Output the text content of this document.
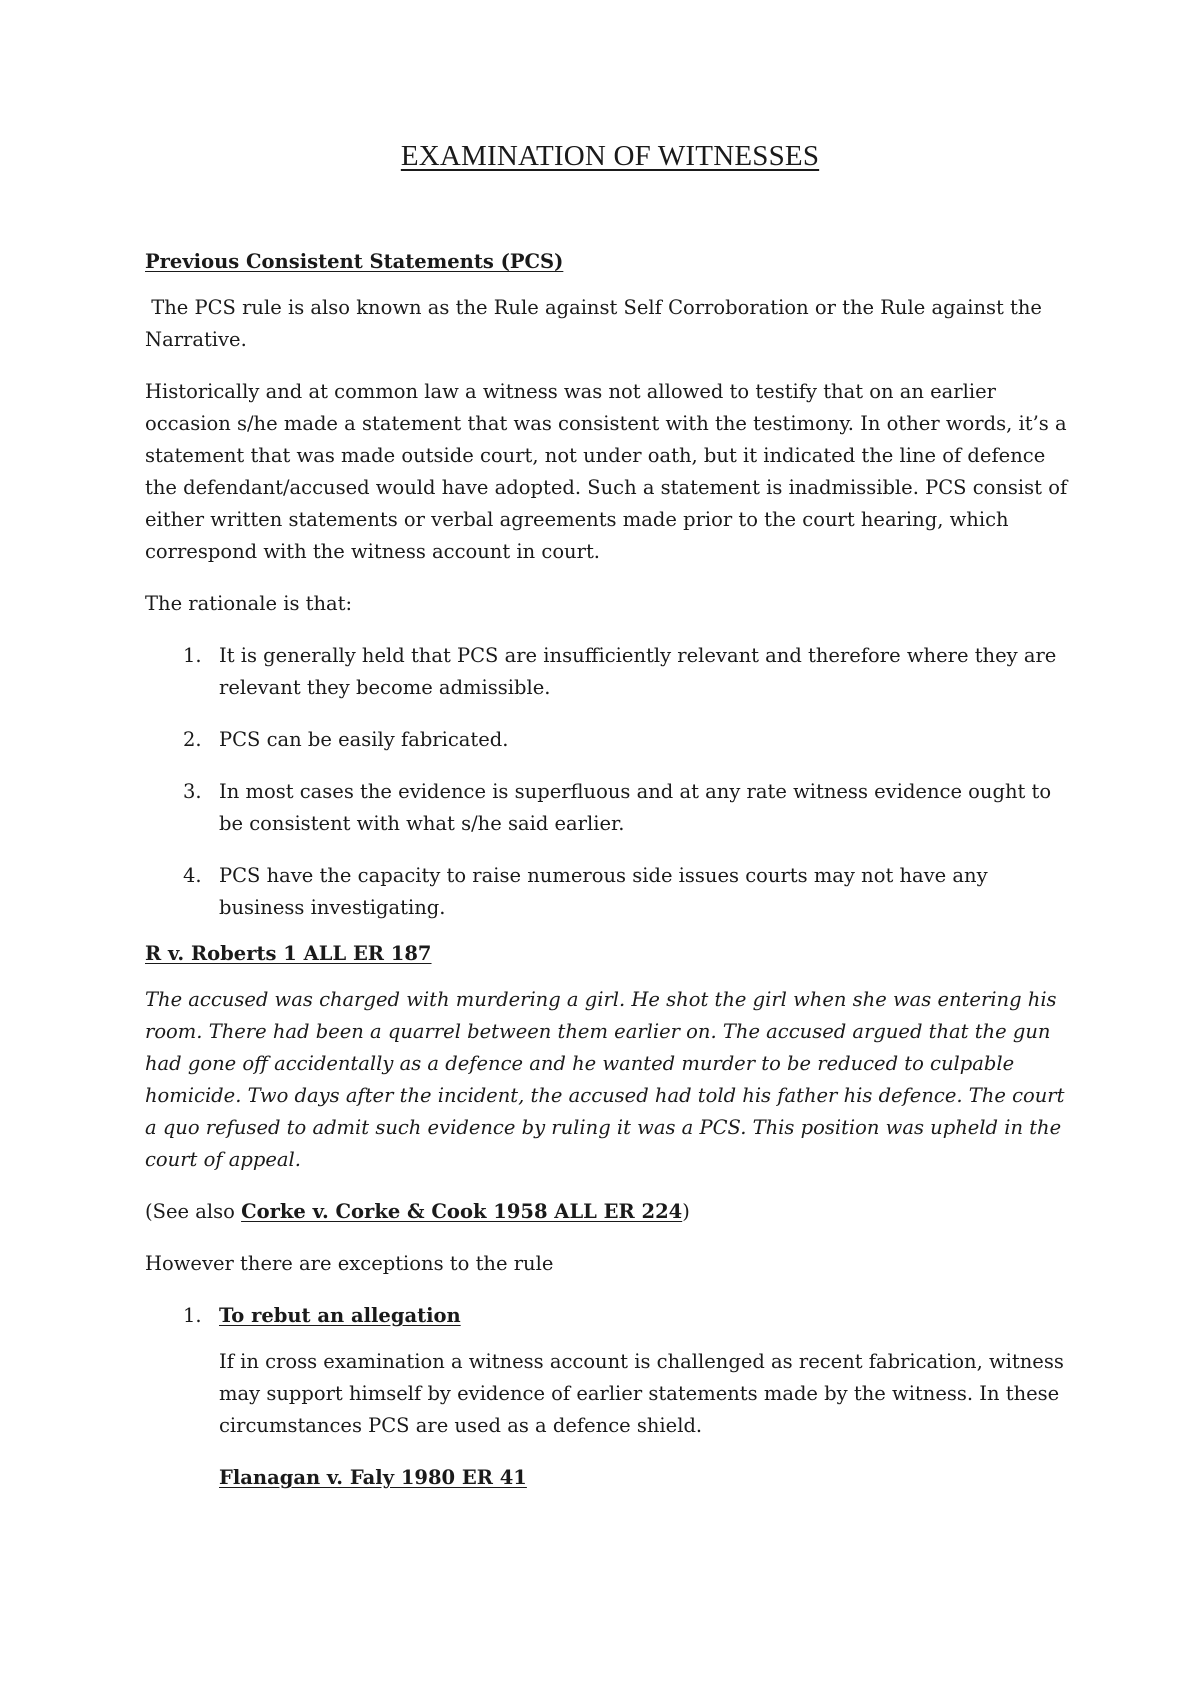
EXAMINATION OF WITNESSES
Previous Consistent Statements (PCS)

The PCS rule is also known as the Rule against Self Corroboration or the Rule against the Narrative.

Historically and at common law a witness was not allowed to testify that on an earlier occasion s/he made a statement that was consistent with the testimony. In other words, it’s a statement that was made outside court, not under oath, but it indicated the line of defence the defendant/accused would have adopted. Such a statement is inadmissible. PCS consist of either written statements or verbal agreements made prior to the court hearing, which correspond with the witness account in court.

The rationale is that:

1. It is generally held that PCS are insufficiently relevant and therefore where they are relevant they become admissible.
2. PCS can be easily fabricated.
3. In most cases the evidence is superfluous and at any rate witness evidence ought to be consistent with what s/he said earlier.
4. PCS have the capacity to raise numerous side issues courts may not have any business investigating.
R v. Roberts 1 ALL ER 187

The accused was charged with murdering a girl. He shot the girl when she was entering his room. There had been a quarrel between them earlier on. The accused argued that the gun had gone off accidentally as a defence and he wanted murder to be reduced to culpable homicide. Two days after the incident, the accused had told his father his defence. The court a quo refused to admit such evidence by ruling it was a PCS. This position was upheld in the court of appeal.

(See also Corke v. Corke & Cook 1958 ALL ER 224)

However there are exceptions to the rule

1. To rebut an allegation

If in cross examination a witness account is challenged as recent fabrication, witness may support himself by evidence of earlier statements made by the witness. In these circumstances PCS are used as a defence shield.

Flanagan v. Faly 1980 ER 41
